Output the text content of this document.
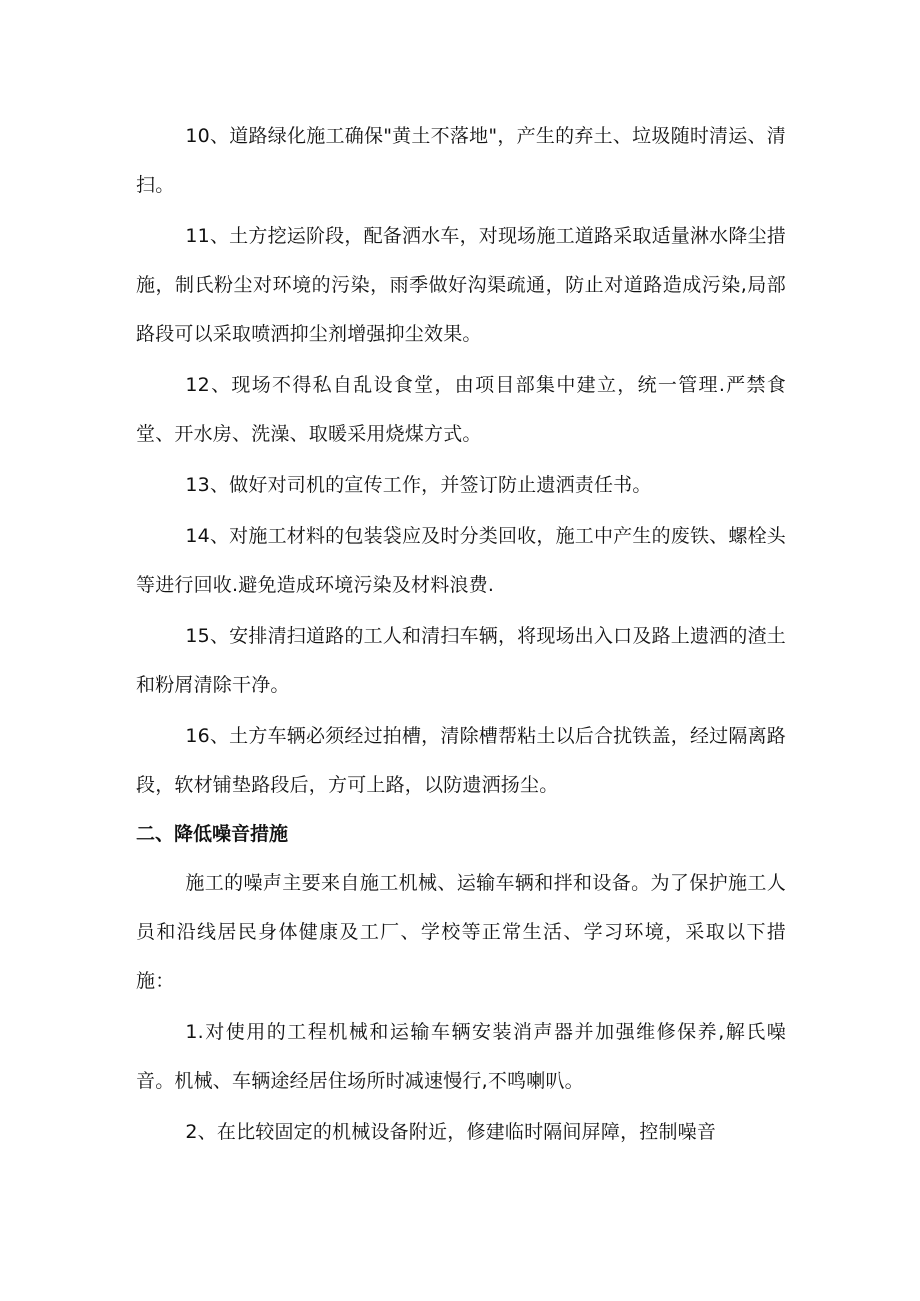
10、道路绿化施工确保"黄土不落地"，产生的弃土、垃圾随时清运、清扫。

11、土方挖运阶段，配备洒水车，对现场施工道路采取适量淋水降尘措施，制氏粉尘对环境的污染，雨季做好沟渠疏通，防止对道路造成污染,局部路段可以采取喷洒抑尘剂增强抑尘效果。

12、现场不得私自乱设食堂，由项目部集中建立，统一管理.严禁食堂、开水房、洗澡、取暖采用烧煤方式。

13、做好对司机的宣传工作，并签订防止遗洒责任书。

14、对施工材料的包装袋应及时分类回收，施工中产生的废铁、螺栓头等进行回收.避免造成环境污染及材料浪费.

15、安排清扫道路的工人和清扫车辆，将现场出入口及路上遗洒的渣土和粉屑清除干净。

16、土方车辆必须经过拍槽，清除槽帮粘土以后合扰铁盖，经过隔离路段，软材铺垫路段后，方可上路，以防遗洒扬尘。

二、降低噪音措施

施工的噪声主要来自施工机械、运输车辆和拌和设备。为了保护施工人员和沿线居民身体健康及工厂、学校等正常生活、学习环境，采取以下措施：

1.对使用的工程机械和运输车辆安装消声器并加强维修保养,解氏噪音。机械、车辆途经居住场所时减速慢行,不鸣喇叭。

2、在比较固定的机械设备附近，修建临时隔间屏障，控制噪音
